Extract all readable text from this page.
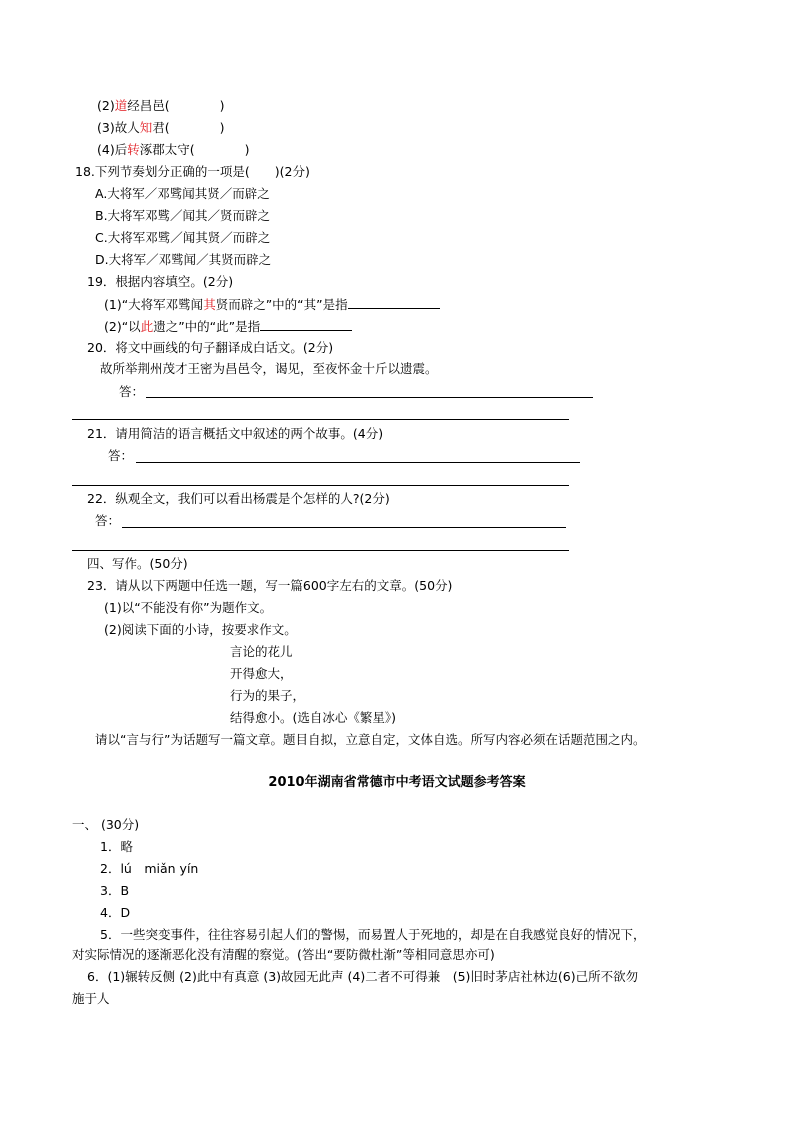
(2)道经昌邑(　　　　)
(3)故人知君(　　　　)
(4)后转涿郡太守(　　　　)
18.下列节奏划分正确的一项是(　　)(2分)
A.大将军／邓骘闻其贤／而辟之
B.大将军邓骘／闻其／贤而辟之
C.大将军邓骘／闻其贤／而辟之
D.大将军／邓骘闻／其贤而辟之
19．根据内容填空。(2分)
(1)“大将军邓骘闻其贤而辟之”中的“其”是指
(2)“以此遗之”中的“此”是指
20．将文中画线的句子翻译成白话文。(2分)
故所举荆州茂才王密为昌邑令，谒见，至夜怀金十斤以遗震。
答：
21．请用简洁的语言概括文中叙述的两个故事。(4分)
答：
22．纵观全文，我们可以看出杨震是个怎样的人?(2分)
答：
四、写作。(50分)
23．请从以下两题中任选一题，写一篇600字左右的文章。(50分)
(1)以“不能没有你”为题作文。
(2)阅读下面的小诗，按要求作文。
言论的花儿
开得愈大，
行为的果子，
结得愈小。(选自冰心《繁星》)
请以“言与行”为话题写一篇文章。题目自拟，立意自定，文体自选。所写内容必须在话题范围之内。
2010年湖南省常德市中考语文试题参考答案
一、 (30分)
1．略
2．lú　miǎn yín
3．B
4．D
5．一些突变事件，往往容易引起人们的警惕，而易置人于死地的，却是在自我感觉良好的情况下，
对实际情况的逐渐恶化没有清醒的察觉。(答出“要防微杜渐”等相同意思亦可)
6．(1)辗转反侧 (2)此中有真意 (3)故园无此声 (4)二者不可得兼　(5)旧时茅店社林边(6)己所不欲勿
施于人
